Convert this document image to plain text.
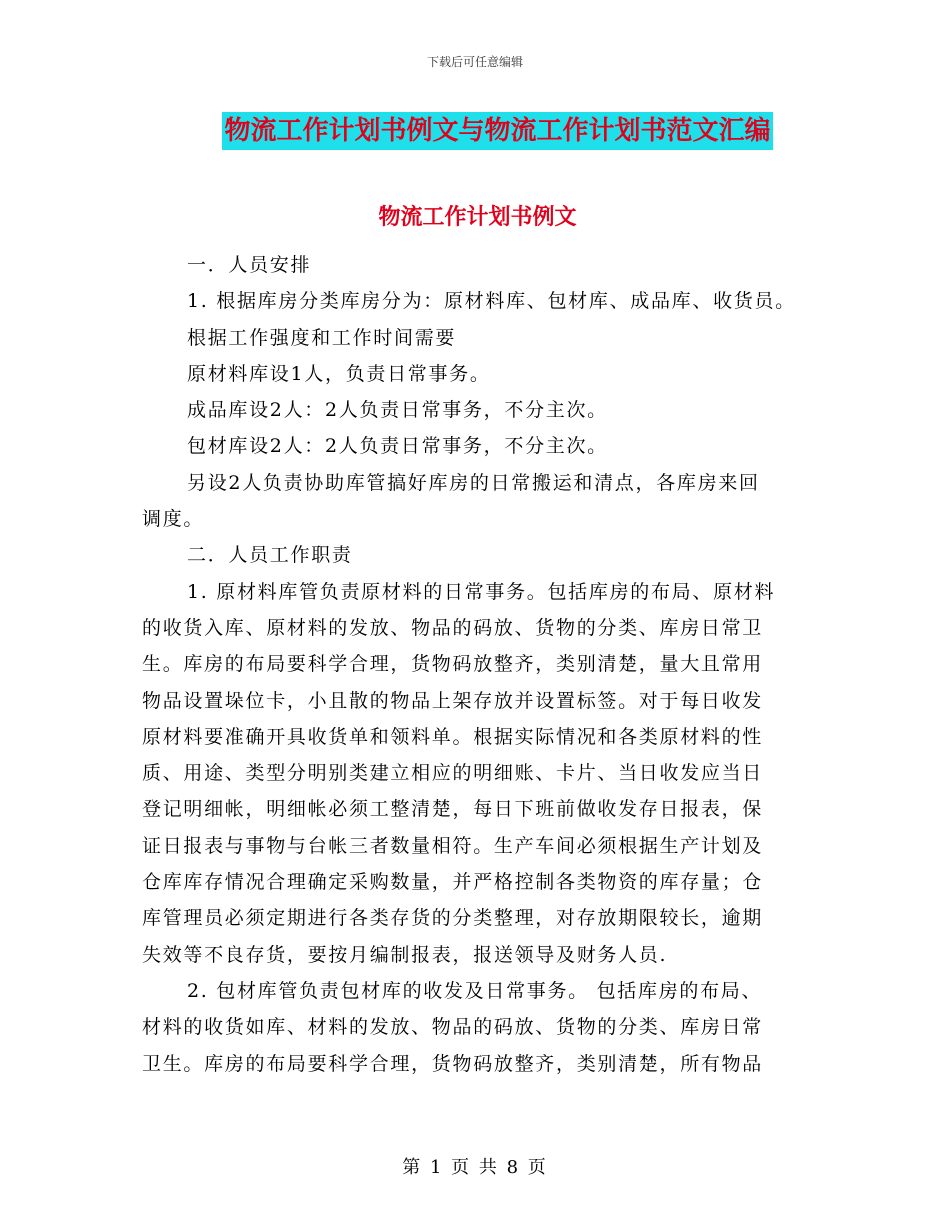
下载后可任意编辑
物流工作计划书例文与物流工作计划书范文汇编
物流工作计划书例文

一．人员安排

1. 根据库房分类库房分为：原材料库、包材库、成品库、收货员。

根据工作强度和工作时间需要

原材料库设1人，负责日常事务。

成品库设2人：2人负责日常事务，不分主次。

包材库设2人：2人负责日常事务，不分主次。

另设2人负责协助库管搞好库房的日常搬运和清点，各库房来回

调度。

二．人员工作职责

1. 原材料库管负责原材料的日常事务。包括库房的布局、原材料

的收货入库、原材料的发放、物品的码放、货物的分类、库房日常卫

生。库房的布局要科学合理，货物码放整齐，类别清楚，量大且常用

物品设置垛位卡，小且散的物品上架存放并设置标签。对于每日收发

原材料要准确开具收货单和领料单。根据实际情况和各类原材料的性

质、用途、类型分明别类建立相应的明细账、卡片、当日收发应当日

登记明细帐，明细帐必须工整清楚，每日下班前做收发存日报表，保

证日报表与事物与台帐三者数量相符。生产车间必须根据生产计划及

仓库库存情况合理确定采购数量，并严格控制各类物资的库存量；仓

库管理员必须定期进行各类存货的分类整理，对存放期限较长，逾期

失效等不良存货，要按月编制报表，报送领导及财务人员.

2. 包材库管负责包材库的收发及日常事务。 包括库房的布局、

材料的收货如库、材料的发放、物品的码放、货物的分类、库房日常

卫生。库房的布局要科学合理，货物码放整齐，类别清楚，所有物品

第 1 页 共 8 页
